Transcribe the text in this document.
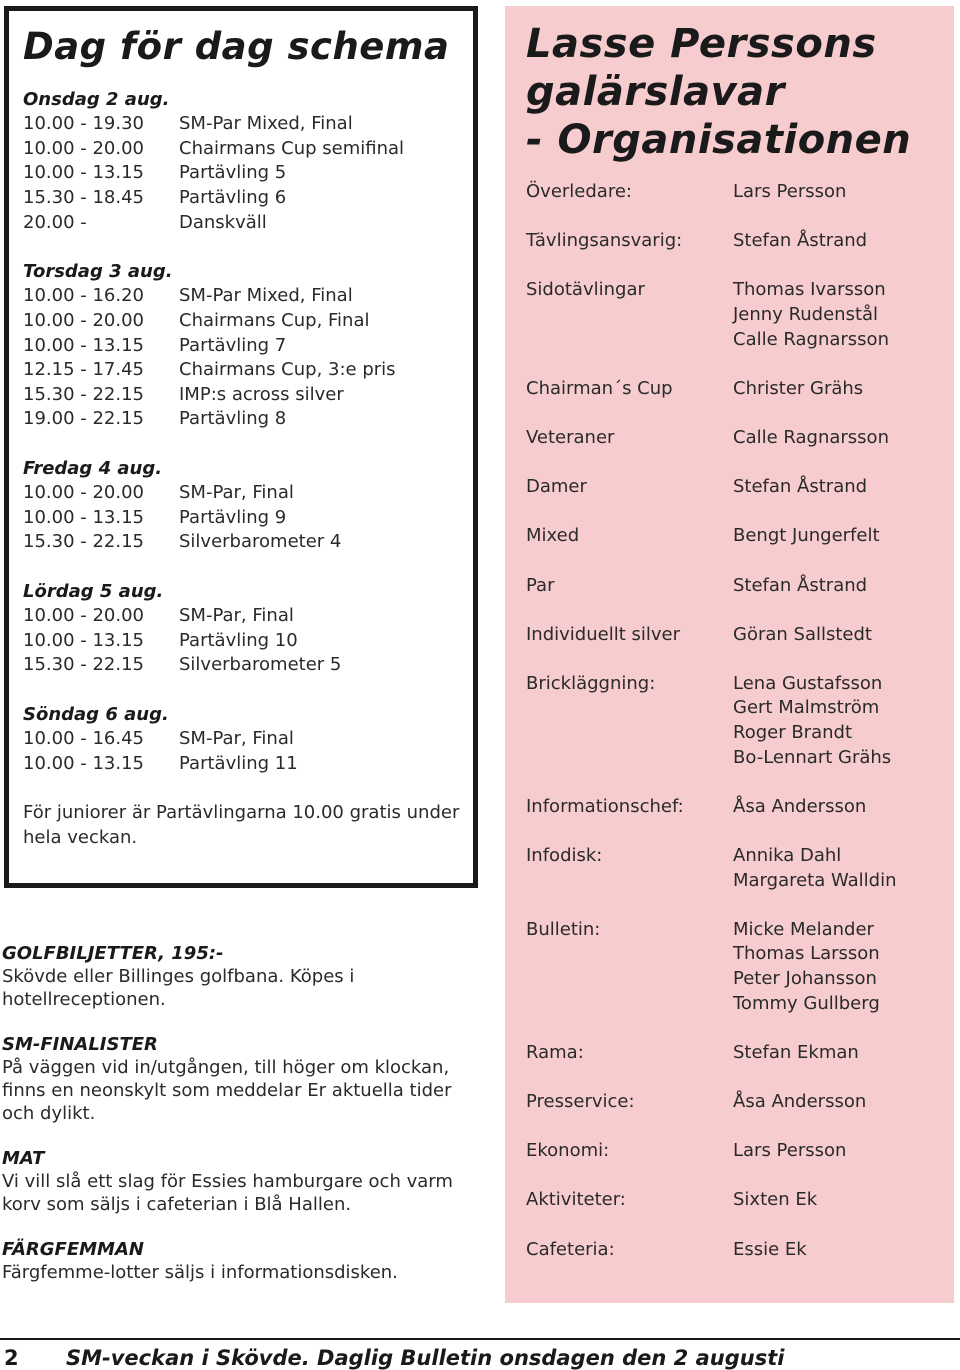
Dag för dag schema
Onsdag 2 aug.
10.00 - 19.30	SM-Par Mixed, Final
10.00 - 20.00	Chairmans Cup semifinal
10.00 - 13.15	Partävling 5
15.30 - 18.45	Partävling 6
20.00 -	Danskväll
Torsdag 3 aug.
10.00 - 16.20	SM-Par Mixed, Final
10.00 - 20.00	Chairmans Cup, Final
10.00 - 13.15	Partävling 7
12.15 - 17.45	Chairmans Cup, 3:e pris
15.30 - 22.15	IMP:s across silver
19.00 - 22.15	Partävling 8
Fredag 4 aug.
10.00 - 20.00	SM-Par, Final
10.00 - 13.15	Partävling 9
15.30 - 22.15	Silverbarometer 4
Lördag 5 aug.
10.00 - 20.00	SM-Par, Final
10.00 - 13.15	Partävling 10
15.30 - 22.15	Silverbarometer 5
Söndag 6 aug.
10.00 - 16.45	SM-Par, Final
10.00 - 13.15	Partävling 11

För juniorer är Partävlingarna 10.00 gratis under hela veckan.

GOLFBILJETTER, 195:-
Skövde eller Billinges golfbana. Köpes i hotellreceptionen.
SM-FINALISTER
På väggen vid in/utgången, till höger om klockan, finns en neonskylt som meddelar Er aktuella tider och dylikt.
MAT
Vi vill slå ett slag för Essies hamburgare och varm korv som säljs i cafeterian i Blå Hallen.
FÄRGFEMMAN
Färgfemme-lotter säljs i informationsdisken.
Lasse Perssons
galärslavar
- Organisationen
Överledare:	Lars Persson
Tävlingsansvarig:	Stefan Åstrand
Sidotävlingar	Thomas Ivarsson
Jenny Rudenstål
Calle Ragnarsson
Chairman´s Cup	Christer Grähs
Veteraner	Calle Ragnarsson
Damer	Stefan Åstrand
Mixed	Bengt Jungerfelt
Par	Stefan Åstrand
Individuellt silver	Göran Sallstedt
Brickläggning:	Lena Gustafsson
Gert Malmström
Roger Brandt
Bo-Lennart Grähs
Informationschef:	Åsa Andersson
Infodisk:	Annika Dahl
Margareta Walldin
Bulletin:	Micke Melander
Thomas Larsson
Peter Johansson
Tommy Gullberg
Rama:	Stefan Ekman
Presservice:	Åsa Andersson
Ekonomi:	Lars Persson
Aktiviteter:	Sixten Ek
Cafeteria:	Essie Ek
2 SM-veckan i Skövde. Daglig Bulletin onsdagen den 2 augusti
